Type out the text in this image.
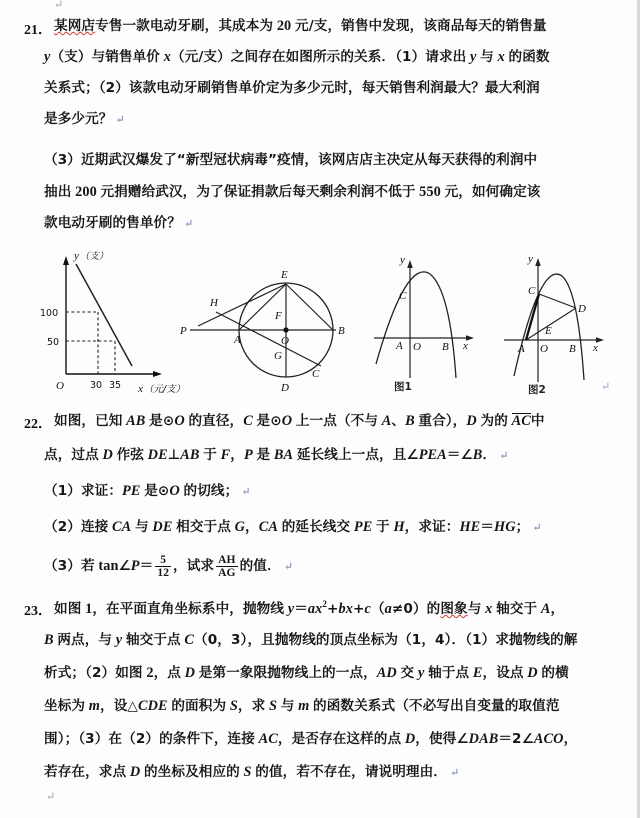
↵
21． 某网店专售一款电动牙刷，其成本为 20 元/支，销售中发现，该商品每天的销售量
y（支）与销售单价 x（元/支）之间存在如图所示的关系．（1）请求出 y 与 x 的函数
关系式；（2）该款电动牙刷销售单价定为多少元时，每天销售利润最大？最大利润
是多少元？ ↵
（3）近期武汉爆发了“新型冠状病毒”疫情，该网店店主决定从每天获得的利润中
抽出 200 元捐赠给武汉，为了保证捐款后每天剩余利润不低于 550 元，如何确定该
款电动牙刷的售单价？ ↵
100
50
30 35
O
y（支）
x（元/支）
P
H
A
E
F
O
G
D
C
B
A O B
C
y
x
图1
A O B
C
D
E
y
x
图2	↵
22． 如图，已知 AB 是⊙O 的直径，C 是⊙O 上一点（不与 A、B 重合），D 为的 AC中
点，过点 D 作弦 DE⊥AB 于 F，P 是 BA 延长线上一点，且∠PEA＝∠B． ↵
（1）求证：PE 是⊙O 的切线； ↵
（2）连接 CA 与 DE 相交于点 G，CA 的延长线交 PE 于 H，求证：HE＝HG； ↵
（3）若 tan∠P＝ $\frac{5}{12}$ ，试求 $\frac{AH}{AG}$ 的值． ↵
23． 如图 1，在平面直角坐标系中，抛物线 $y=ax^2+bx+c(a\ne 0)$的图象与 x 轴交于 A，
B 两点，与 y 轴交于点 C（0，3），且抛物线的顶点坐标为（1，4）．（1）求抛物线的解
析式；（2）如图 2，点 D 是第一象限抛物线上的一点，AD 交 y 轴于点 E，设点 D 的横
坐标为 m，设△CDE 的面积为 S，求 S 与 m 的函数关系式（不必写出自变量的取值范
围）；（3）在（2）的条件下，连接 AC，是否存在这样的点 D，使得∠DAB＝2∠ACO，
若存在，求点 D 的坐标及相应的 S 的值，若不存在，请说明理由． ↵
↵
